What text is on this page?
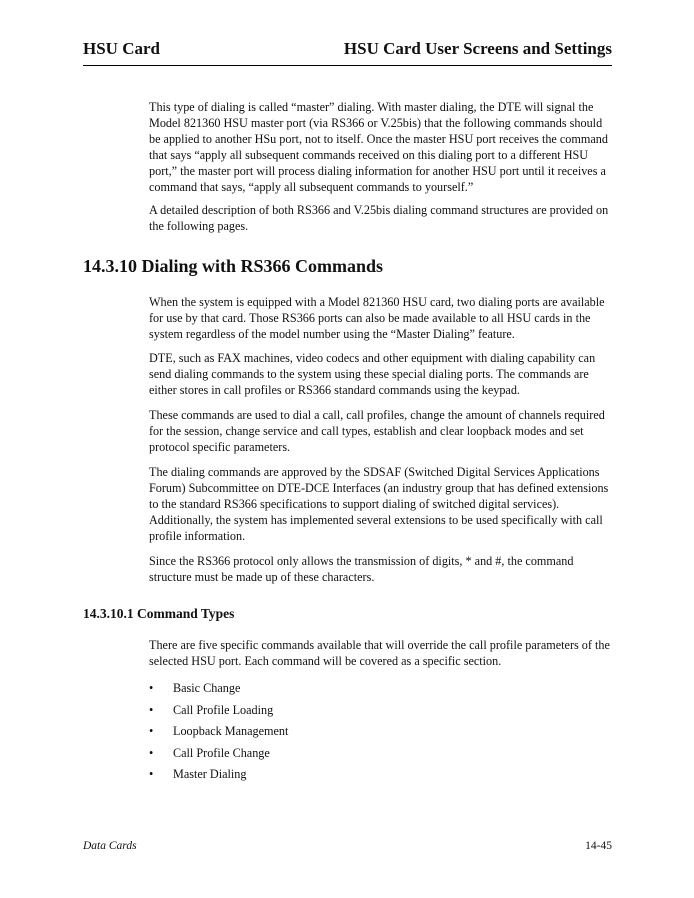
HSU Card	HSU Card User Screens and Settings

This type of dialing is called “master” dialing. With master dialing, the DTE will signal the Model 821360 HSU master port (via RS366 or V.25bis) that the following commands should be applied to another HSu port, not to itself. Once the master HSU port receives the command that says “apply all subsequent commands received on this dialing port to a different HSU port,” the master port will process dialing information for another HSU port until it receives a command that says, “apply all subsequent commands to yourself.”

A detailed description of both RS366 and V.25bis dialing command structures are provided on the following pages.

14.3.10 Dialing with RS366 Commands

When the system is equipped with a Model 821360 HSU card, two dialing ports are available for use by that card. Those RS366 ports can also be made available to all HSU cards in the system regardless of the model number using the “Master Dialing” feature.

DTE, such as FAX machines, video codecs and other equipment with dialing capability can send dialing commands to the system using these special dialing ports. The commands are either stores in call profiles or RS366 standard commands using the keypad.

These commands are used to dial a call, call profiles, change the amount of channels required for the session, change service and call types, establish and clear loopback modes and set protocol specific parameters.

The dialing commands are approved by the SDSAF (Switched Digital Services Applications Forum) Subcommittee on DTE-DCE Interfaces (an industry group that has defined extensions to the standard RS366 specifications to support dialing of switched digital services). Additionally, the system has implemented several extensions to be used specifically with call profile information.

Since the RS366 protocol only allows the transmission of digits, * and #, the command structure must be made up of these characters.

14.3.10.1 Command Types

There are five specific commands available that will override the call profile parameters of the selected HSU port. Each command will be covered as a specific section.

• Basic Change
• Call Profile Loading
• Loopback Management
• Call Profile Change
• Master Dialing
Data Cards	14-45
